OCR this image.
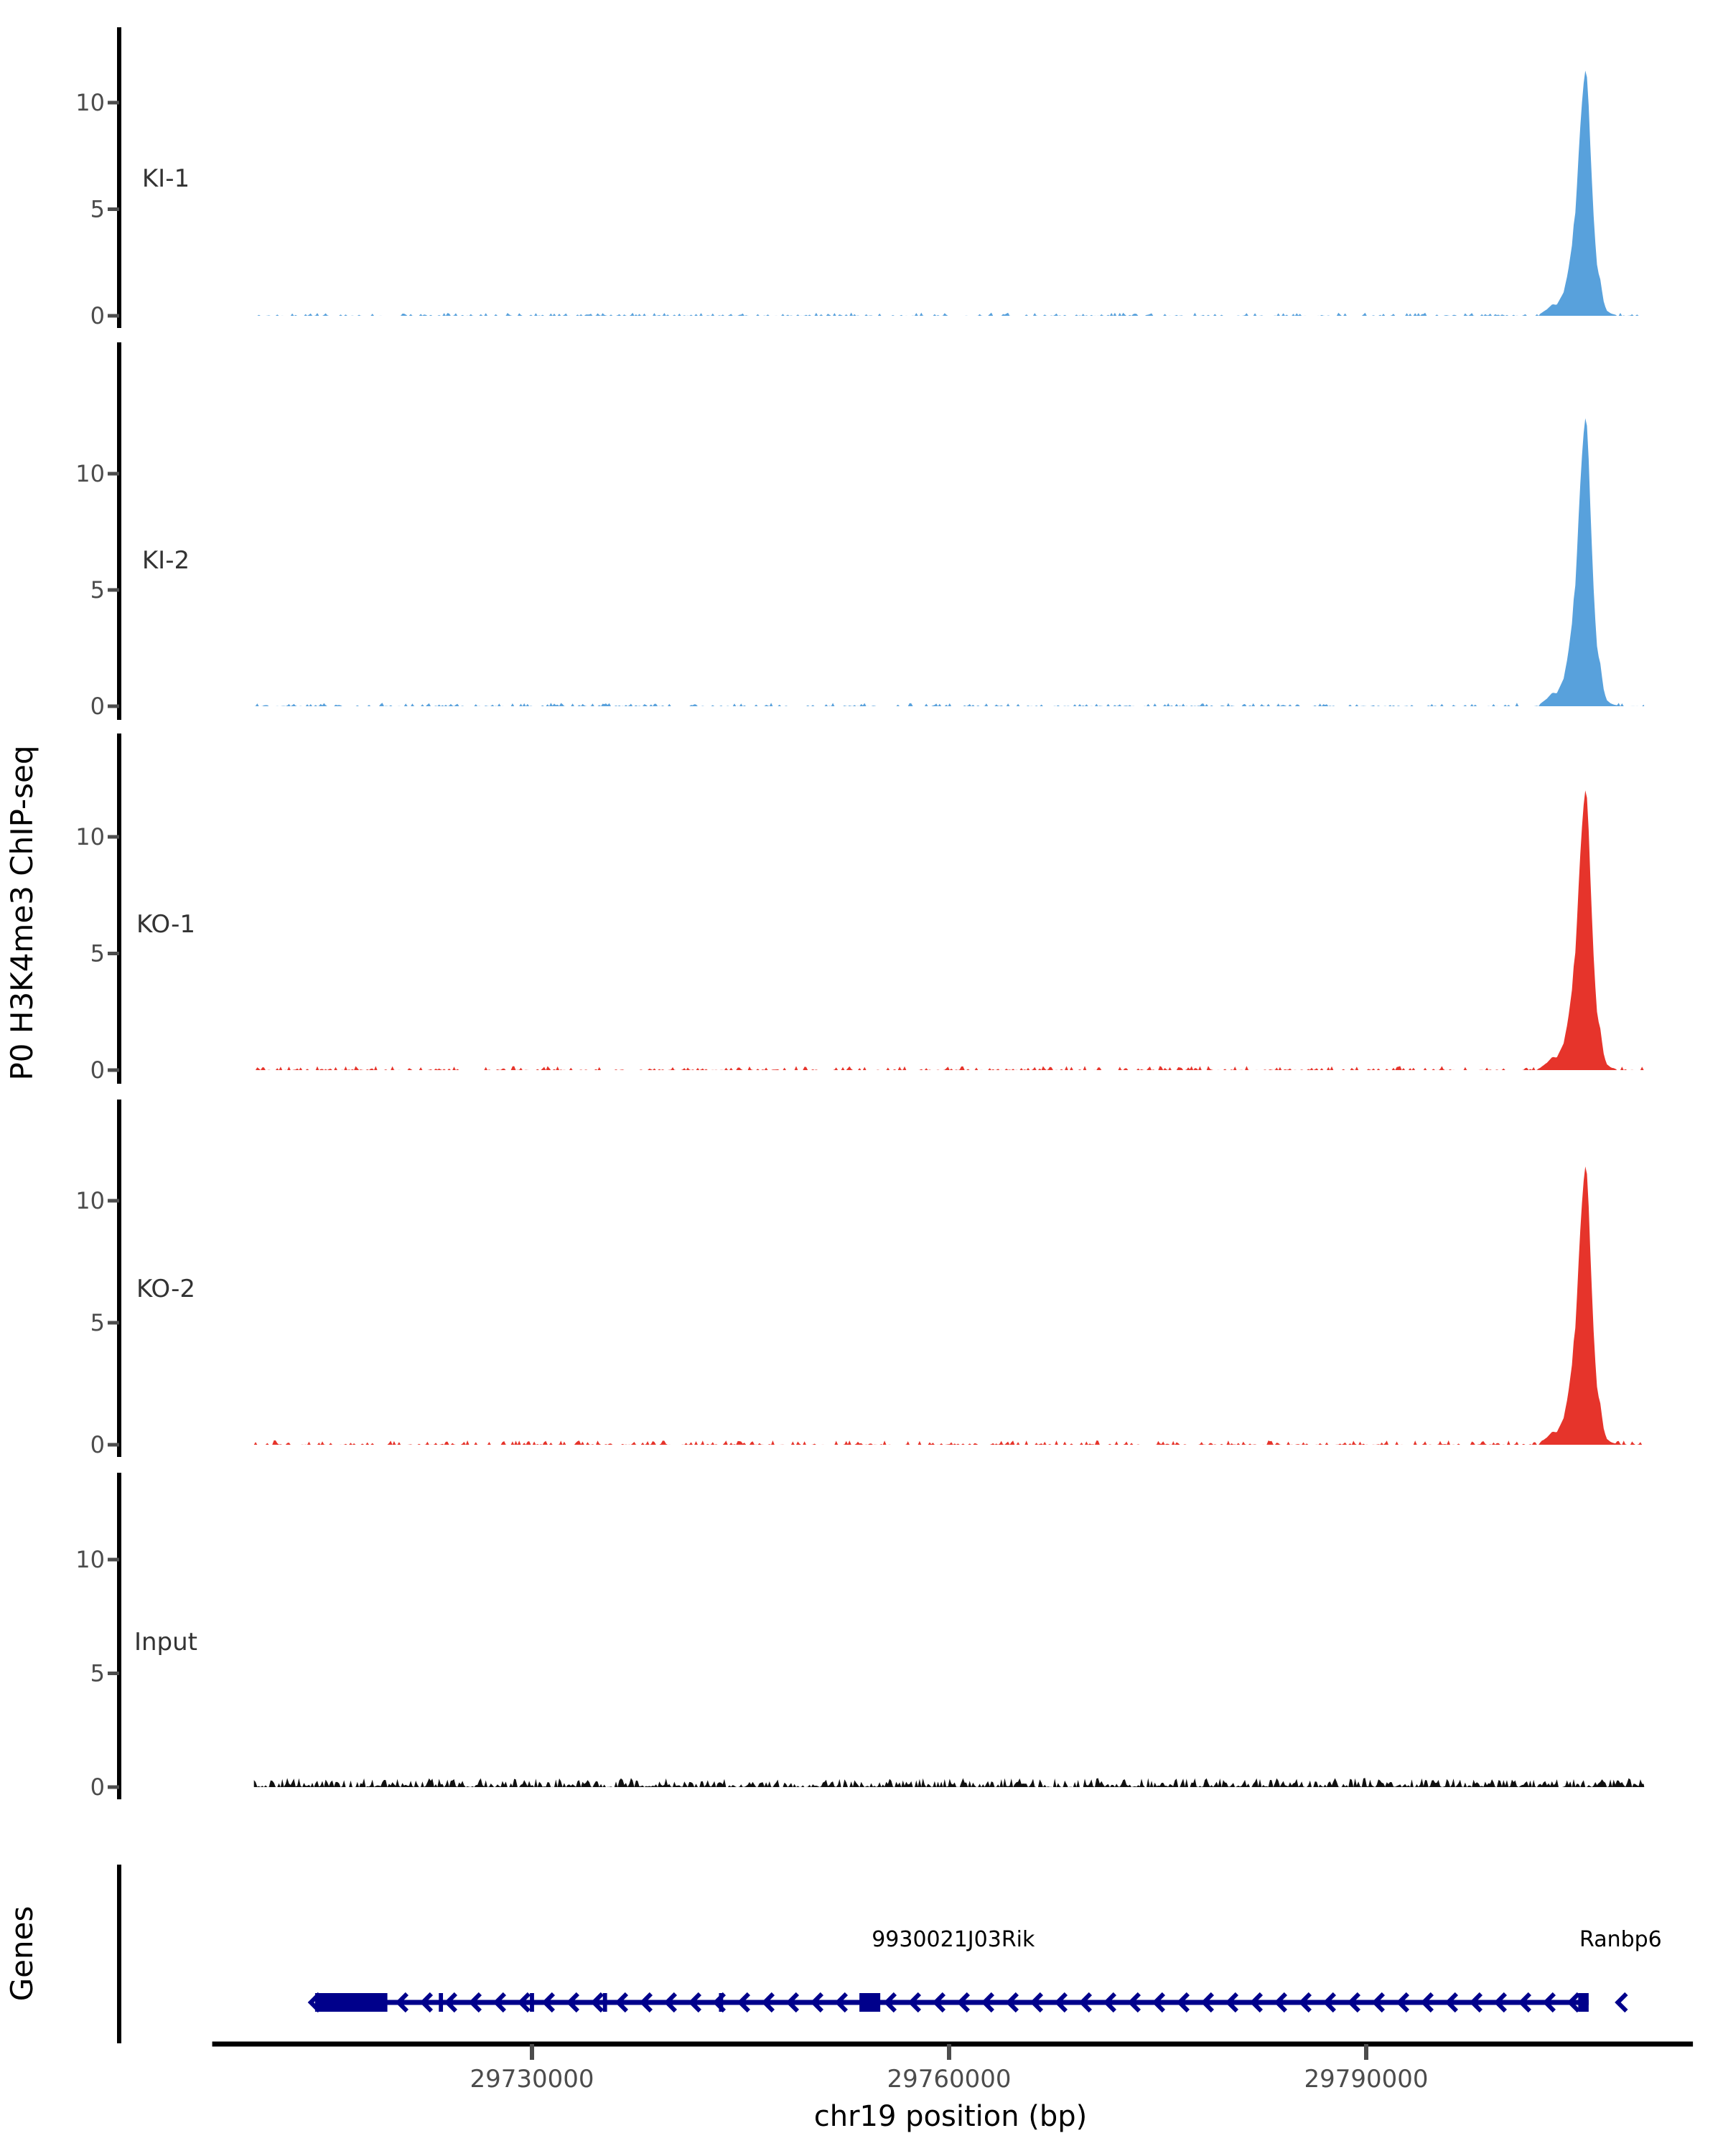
0
5
10
KI-1
0
5
10
KI-2
0
5
10
KO-1
0
5
10
KO-2
0
5
10
Input
9930021J03Rik	Ranbp6
29730000	29760000	29790000
P0 H3K4me3 ChIP-seq
Genes
chr19 position (bp)
